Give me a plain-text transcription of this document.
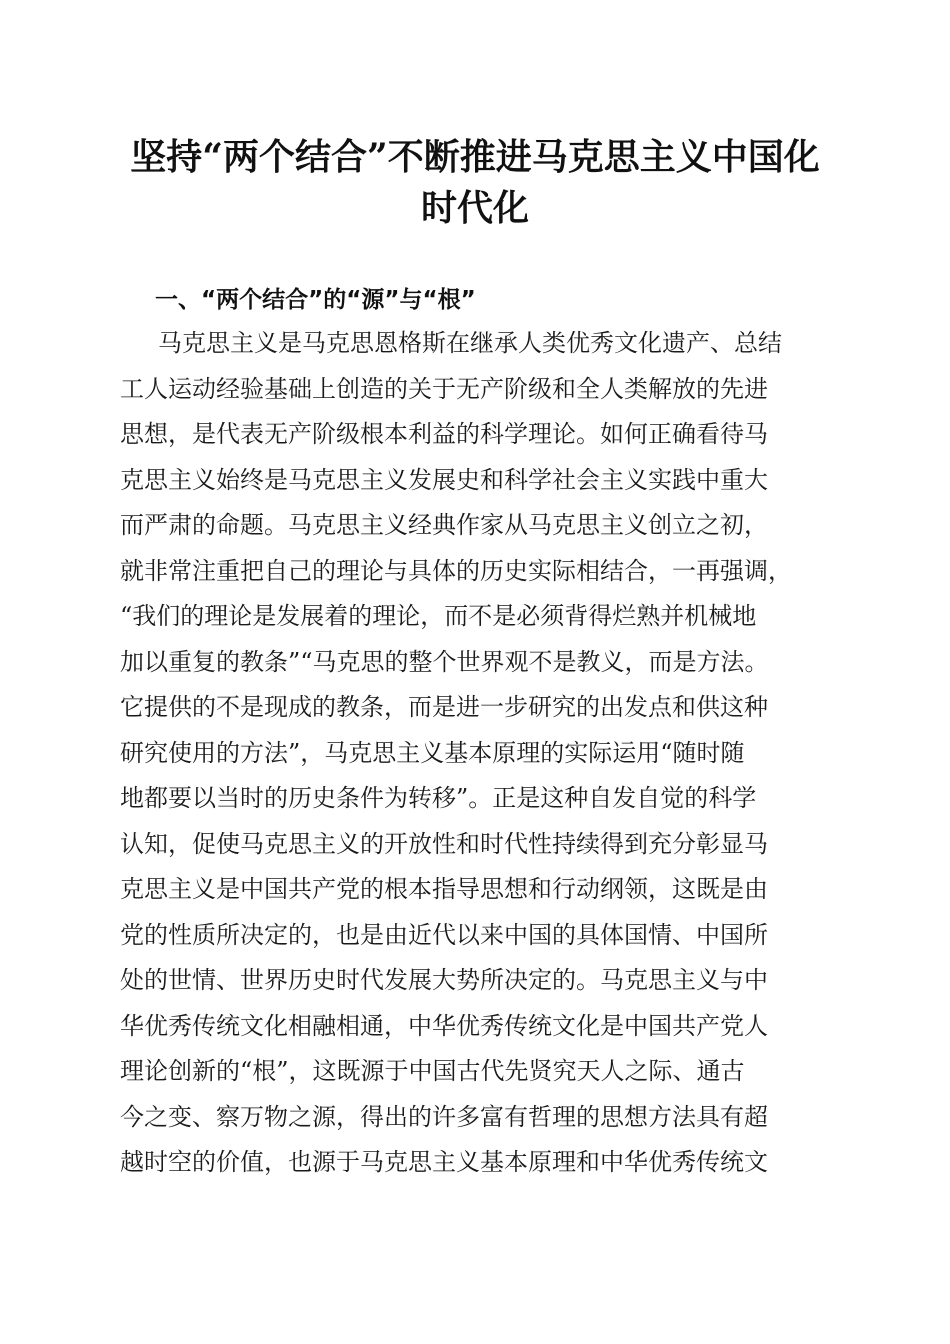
坚持“两个结合”不断推进马克思主义中国化
时代化
一、“两个结合”的“源”与“根”
马克思主义是马克思恩格斯在继承人类优秀文化遗产、总结
工人运动经验基础上创造的关于无产阶级和全人类解放的先进
思想，是代表无产阶级根本利益的科学理论。如何正确看待马
克思主义始终是马克思主义发展史和科学社会主义实践中重大
而严肃的命题。马克思主义经典作家从马克思主义创立之初，
就非常注重把自己的理论与具体的历史实际相结合，一再强调，
“我们的理论是发展着的理论，而不是必须背得烂熟并机械地
加以重复的教条”“马克思的整个世界观不是教义，而是方法。
它提供的不是现成的教条，而是进一步研究的出发点和供这种
研究使用的方法”，马克思主义基本原理的实际运用“随时随
地都要以当时的历史条件为转移”。正是这种自发自觉的科学
认知，促使马克思主义的开放性和时代性持续得到充分彰显马
克思主义是中国共产党的根本指导思想和行动纲领，这既是由
党的性质所决定的，也是由近代以来中国的具体国情、中国所
处的世情、世界历史时代发展大势所决定的。马克思主义与中
华优秀传统文化相融相通，中华优秀传统文化是中国共产党人
理论创新的“根”，这既源于中国古代先贤究天人之际、通古
今之变、察万物之源，得出的许多富有哲理的思想方法具有超
越时空的价值，也源于马克思主义基本原理和中华优秀传统文
